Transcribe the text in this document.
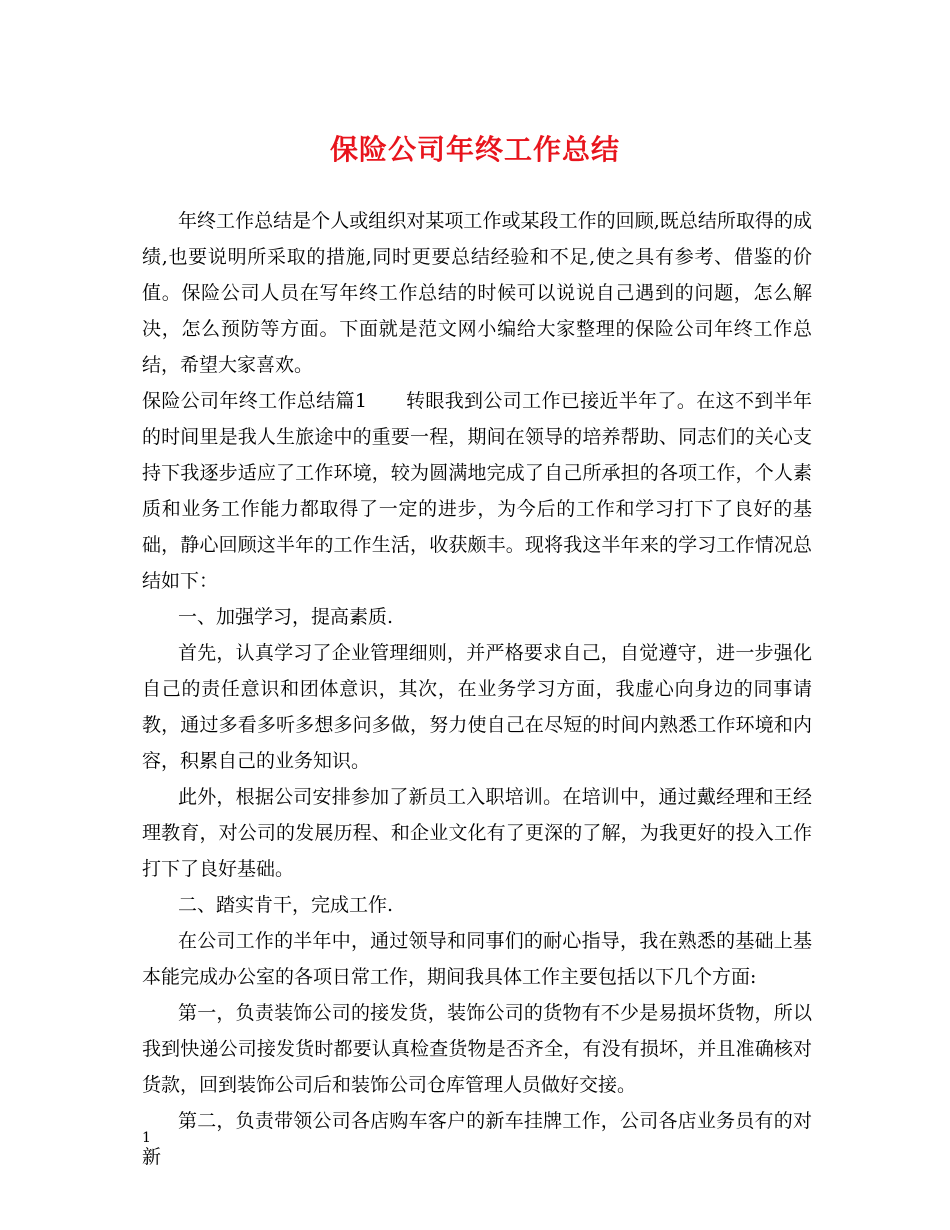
保险公司年终工作总结

年终工作总结是个人或组织对某项工作或某段工作的回顾,既总结所取得的成绩,也要说明所采取的措施,同时更要总结经验和不足,使之具有参考、借鉴的价值。保险公司人员在写年终工作总结的时候可以说说自己遇到的问题，怎么解决，怎么预防等方面。下面就是范文网小编给大家整理的保险公司年终工作总结，希望大家喜欢。

保险公司年终工作总结篇1　　转眼我到公司工作已接近半年了。在这不到半年的时间里是我人生旅途中的重要一程，期间在领导的培养帮助、同志们的关心支持下我逐步适应了工作环境，较为圆满地完成了自己所承担的各项工作，个人素质和业务工作能力都取得了一定的进步，为今后的工作和学习打下了良好的基础，静心回顾这半年的工作生活，收获颇丰。现将我这半年来的学习工作情况总结如下：

一、加强学习，提高素质.

首先，认真学习了企业管理细则，并严格要求自己，自觉遵守，进一步强化自己的责任意识和团体意识，其次，在业务学习方面，我虚心向身边的同事请教，通过多看多听多想多问多做，努力使自己在尽短的时间内熟悉工作环境和内容，积累自己的业务知识。

此外，根据公司安排参加了新员工入职培训。在培训中，通过戴经理和王经理教育，对公司的发展历程、和企业文化有了更深的了解，为我更好的投入工作打下了良好基础。

二、踏实肯干，完成工作.

在公司工作的半年中，通过领导和同事们的耐心指导，我在熟悉的基础上基本能完成办公室的各项日常工作，期间我具体工作主要包括以下几个方面:

第一，负责装饰公司的接发货，装饰公司的货物有不少是易损坏货物，所以我到快递公司接发货时都要认真检查货物是否齐全，有没有损坏，并且准确核对货款，回到装饰公司后和装饰公司仓库管理人员做好交接。

第二，负责带领公司各店购车客户的新车挂牌工作，公司各店业务员有的对新

1
